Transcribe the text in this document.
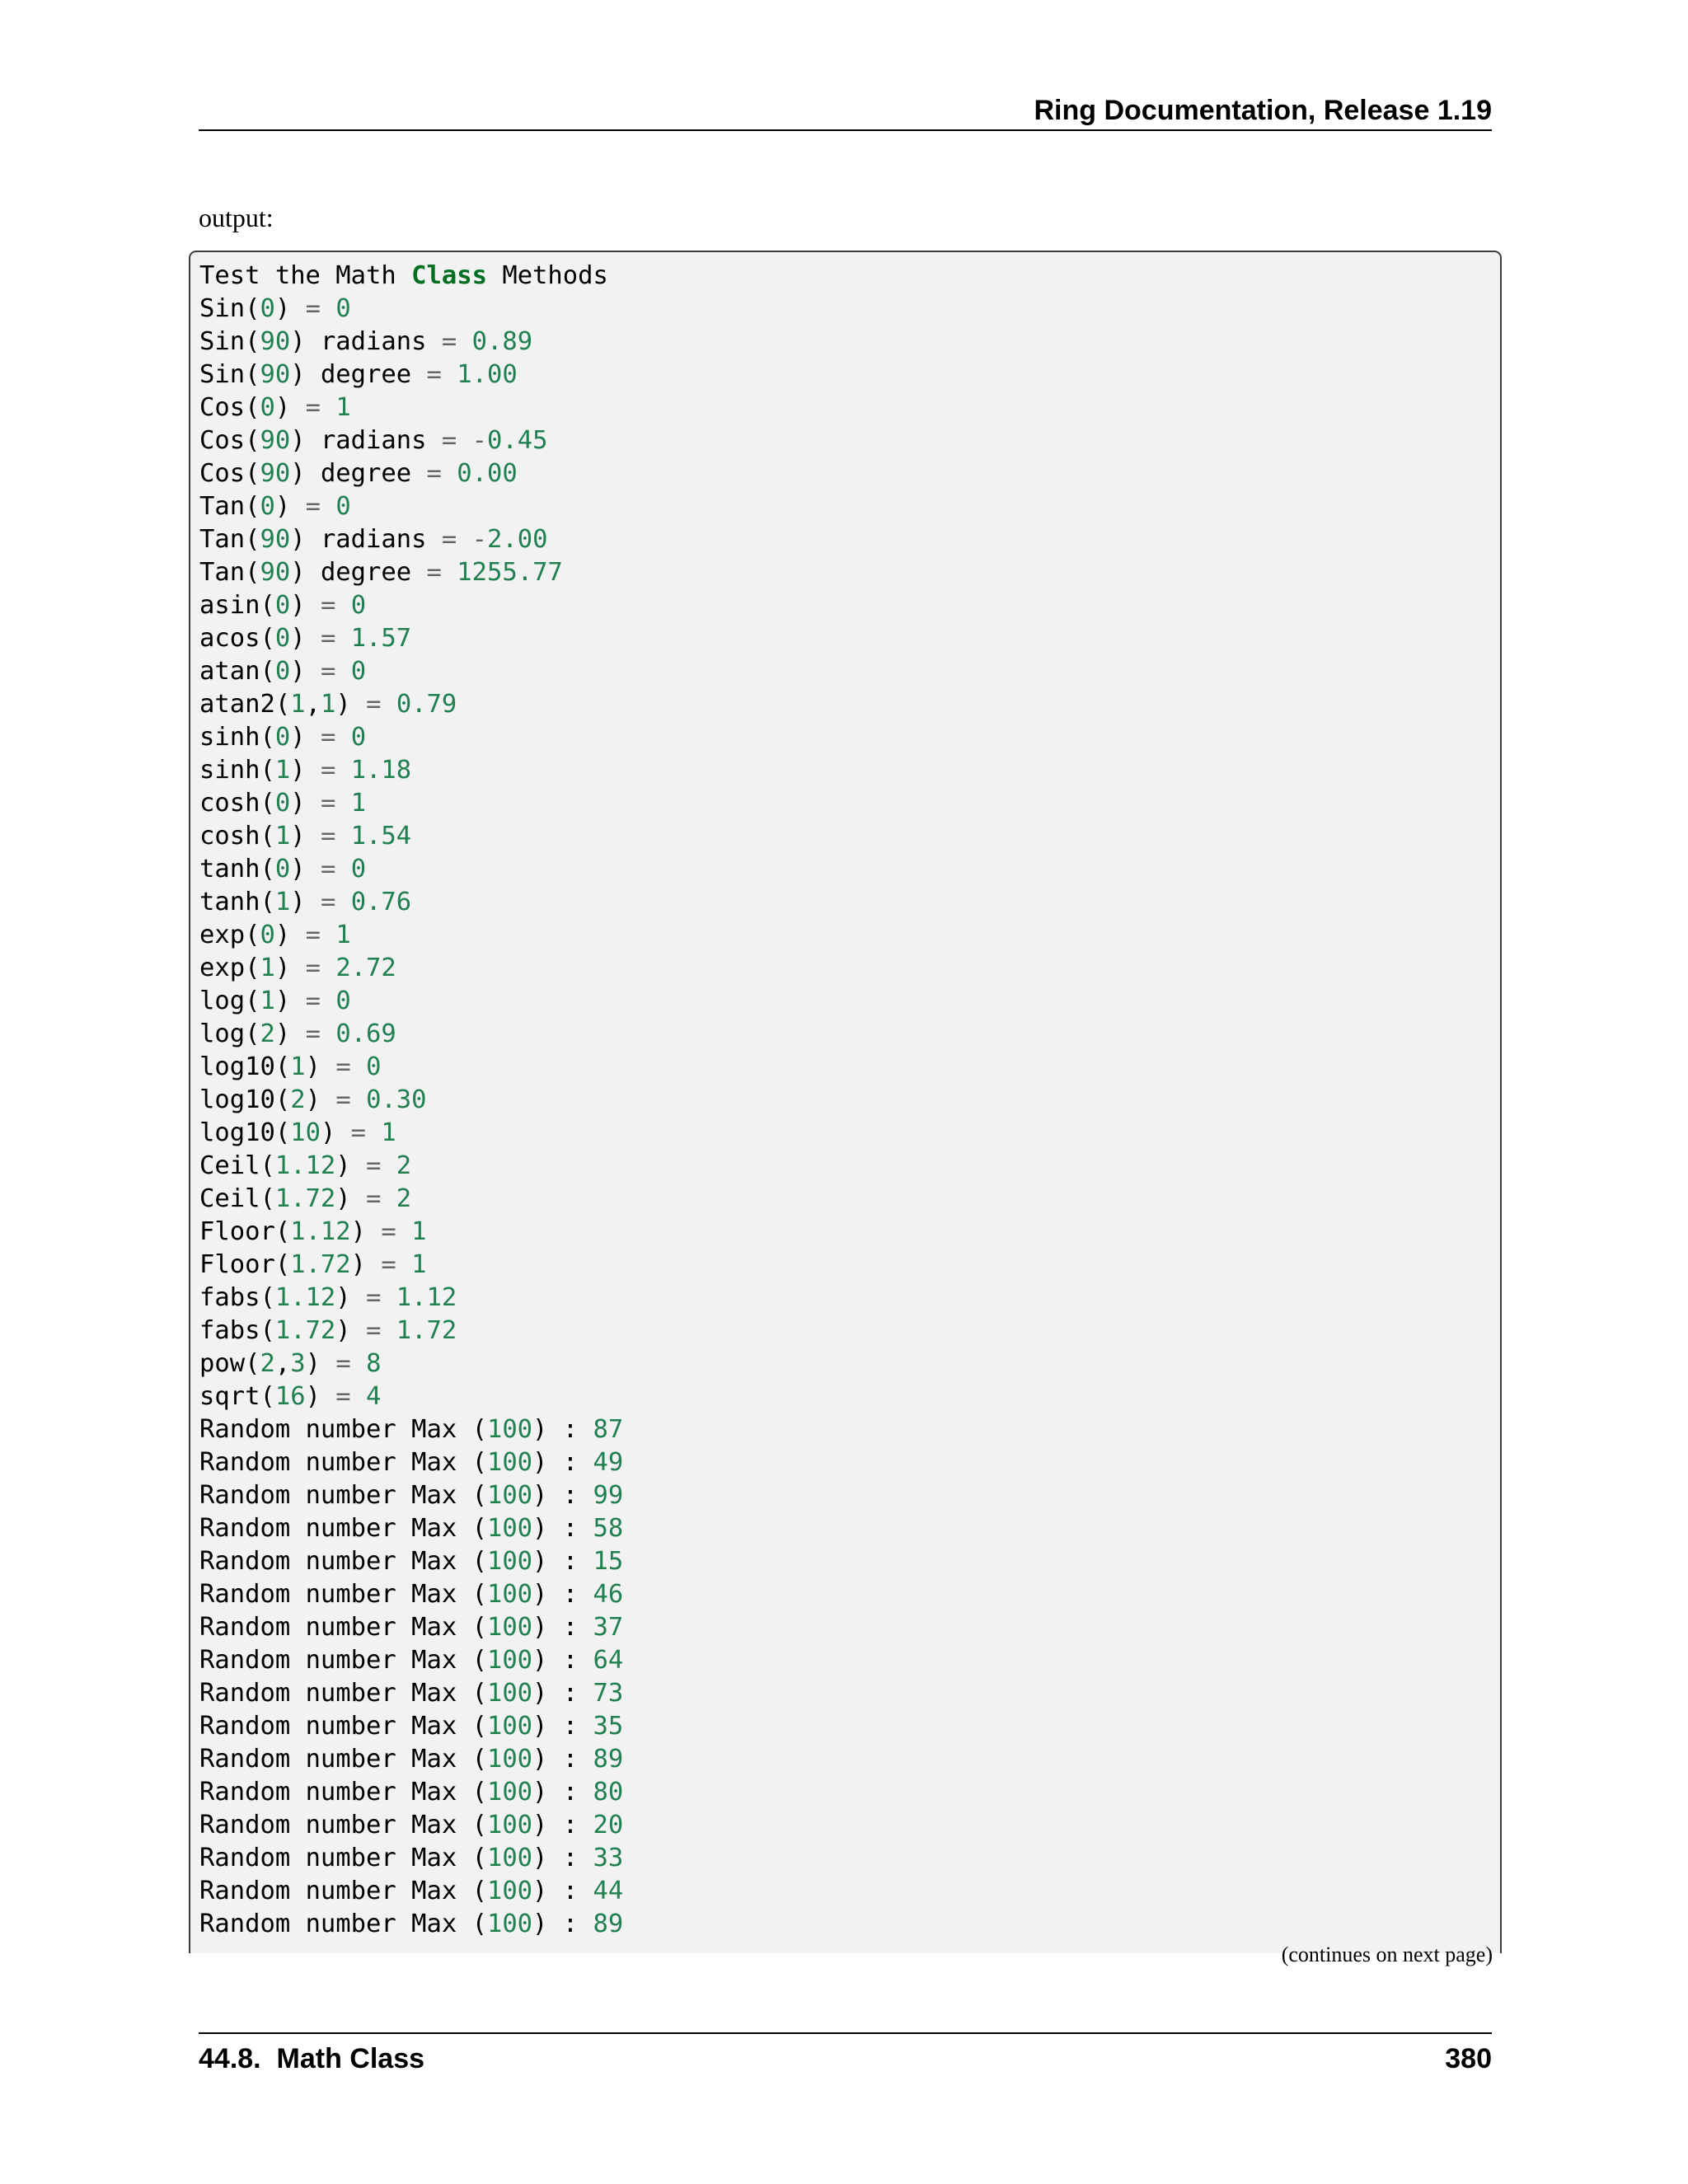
Ring Documentation, Release 1.19
output:
Test the Math Class Methods
Sin(0) = 0
Sin(90) radians = 0.89
Sin(90) degree = 1.00
Cos(0) = 1
Cos(90) radians = -0.45
Cos(90) degree = 0.00
Tan(0) = 0
Tan(90) radians = -2.00
Tan(90) degree = 1255.77
asin(0) = 0
acos(0) = 1.57
atan(0) = 0
atan2(1,1) = 0.79
sinh(0) = 0
sinh(1) = 1.18
cosh(0) = 1
cosh(1) = 1.54
tanh(0) = 0
tanh(1) = 0.76
exp(0) = 1
exp(1) = 2.72
log(1) = 0
log(2) = 0.69
log10(1) = 0
log10(2) = 0.30
log10(10) = 1
Ceil(1.12) = 2
Ceil(1.72) = 2
Floor(1.12) = 1
Floor(1.72) = 1
fabs(1.12) = 1.12
fabs(1.72) = 1.72
pow(2,3) = 8
sqrt(16) = 4
Random number Max (100) : 87
Random number Max (100) : 49
Random number Max (100) : 99
Random number Max (100) : 58
Random number Max (100) : 15
Random number Max (100) : 46
Random number Max (100) : 37
Random number Max (100) : 64
Random number Max (100) : 73
Random number Max (100) : 35
Random number Max (100) : 89
Random number Max (100) : 80
Random number Max (100) : 20
Random number Max (100) : 33
Random number Max (100) : 44
Random number Max (100) : 89
(continues on next page)
44.8.  Math Class	380
